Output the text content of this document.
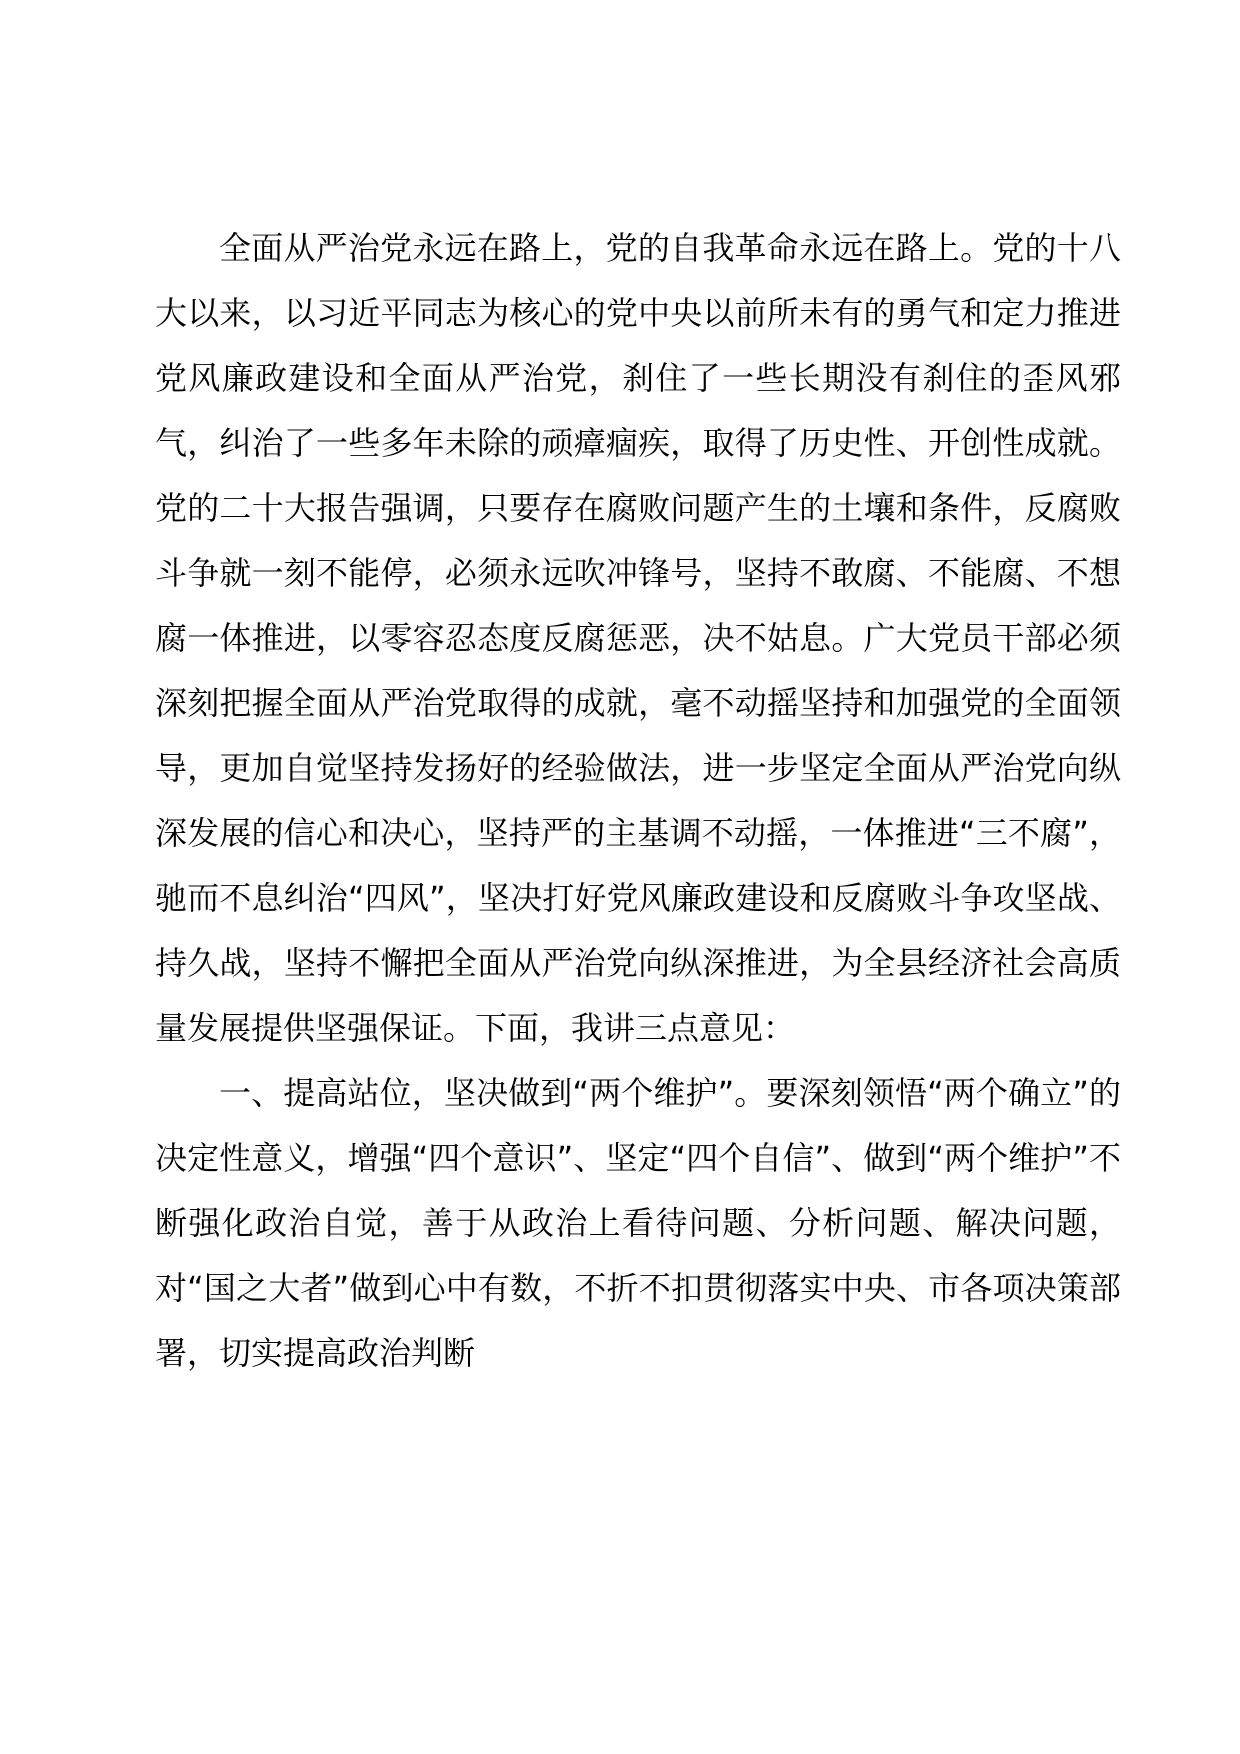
全面从严治党永远在路上，党的自我革命永远在路上。党的十八大以来，以习近平同志为核心的党中央以前所未有的勇气和定力推进党风廉政建设和全面从严治党，刹住了一些长期没有刹住的歪风邪气，纠治了一些多年未除的顽瘴痼疾，取得了历史性、开创性成就。党的二十大报告强调，只要存在腐败问题产生的土壤和条件，反腐败斗争就一刻不能停，必须永远吹冲锋号，坚持不敢腐、不能腐、不想腐一体推进，以零容忍态度反腐惩恶，决不姑息。广大党员干部必须深刻把握全面从严治党取得的成就，毫不动摇坚持和加强党的全面领导，更加自觉坚持发扬好的经验做法，进一步坚定全面从严治党向纵深发展的信心和决心，坚持严的主基调不动摇，一体推进“三不腐”，驰而不息纠治“四风”，坚决打好党风廉政建设和反腐败斗争攻坚战、持久战，坚持不懈把全面从严治党向纵深推进，为全县经济社会高质量发展提供坚强保证。下面，我讲三点意见：

一、提高站位，坚决做到“两个维护”。要深刻领悟“两个确立”的决定性意义，增强“四个意识”、坚定“四个自信”、做到“两个维护”不断强化政治自觉，善于从政治上看待问题、分析问题、解决问题，对“国之大者”做到心中有数，不折不扣贯彻落实中央、市各项决策部署，切实提高政治判断
